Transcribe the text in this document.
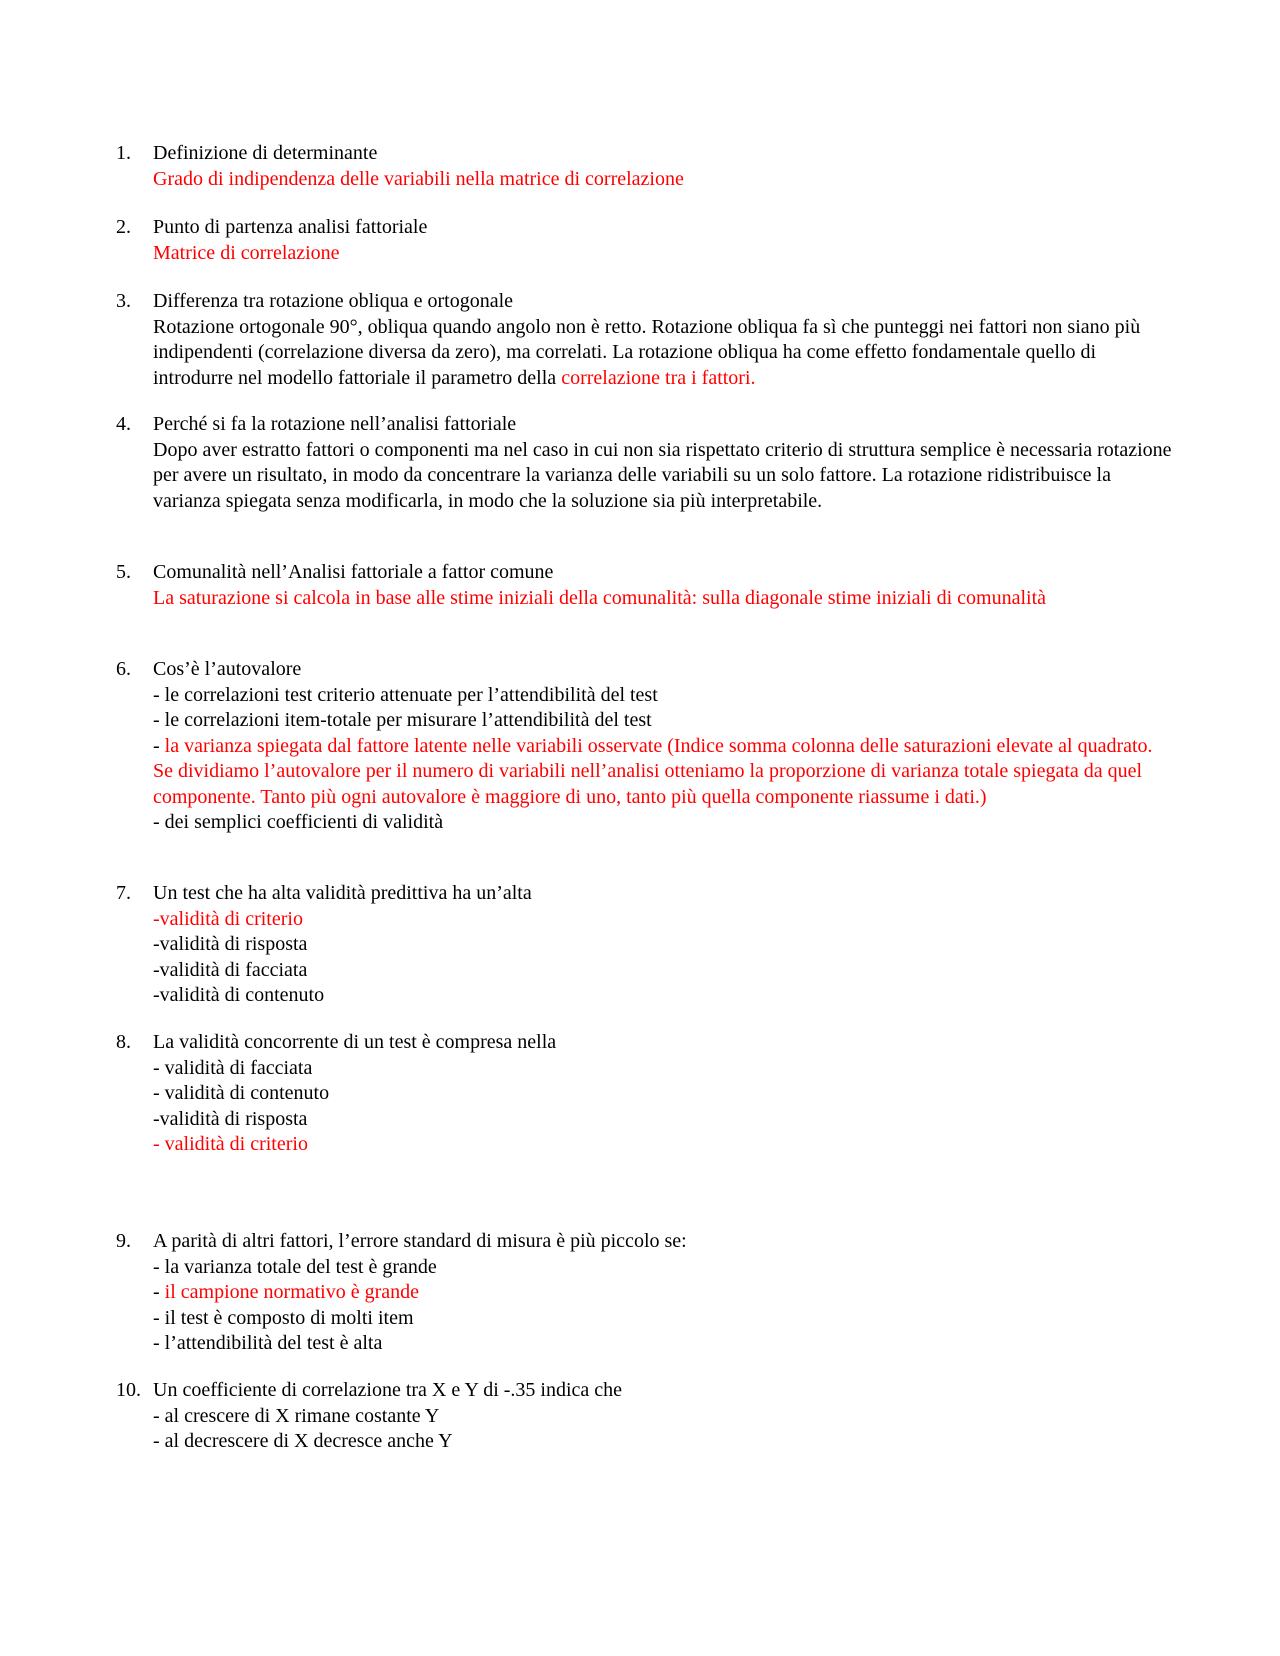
1.	Definizione di determinante
Grado di indipendenza delle variabili nella matrice di correlazione
2.	Punto di partenza analisi fattoriale
Matrice di correlazione
3.	Differenza tra rotazione obliqua e ortogonale
Rotazione ortogonale 90°, obliqua quando angolo non è retto. Rotazione obliqua fa sì che punteggi nei fattori non siano più indipendenti (correlazione diversa da zero), ma correlati. La rotazione obliqua ha come effetto fondamentale quello di introdurre nel modello fattoriale il parametro della correlazione tra i fattori.
4.	Perché si fa la rotazione nell’analisi fattoriale
Dopo aver estratto fattori o componenti ma nel caso in cui non sia rispettato criterio di struttura semplice è necessaria rotazione per avere un risultato, in modo da concentrare la varianza delle variabili su un solo fattore. La rotazione ridistribuisce la varianza spiegata senza modificarla, in modo che la soluzione sia più interpretabile.
5.	Comunalità nell’Analisi fattoriale a fattor comune
La saturazione si calcola in base alle stime iniziali della comunalità: sulla diagonale stime iniziali di comunalità
6.	Cos’è l’autovalore
- le correlazioni test criterio attenuate per l’attendibilità del test
- le correlazioni item-totale per misurare l’attendibilità del test
- la varianza spiegata dal fattore latente nelle variabili osservate (Indice somma colonna delle saturazioni elevate al quadrato. Se dividiamo l’autovalore per il numero di variabili nell’analisi otteniamo la proporzione di varianza totale spiegata da quel componente. Tanto più ogni autovalore è maggiore di uno, tanto più quella componente riassume i dati.)
- dei semplici coefficienti di validità
7.	Un test che ha alta validità predittiva ha un’alta
-validità di criterio
-validità di risposta
-validità di facciata
-validità di contenuto
8.	La validità concorrente di un test è compresa nella
- validità di facciata
- validità di contenuto
-validità di risposta
- validità di criterio
9.	A parità di altri fattori, l’errore standard di misura è più piccolo se:
- la varianza totale del test è grande
- il campione normativo è grande
- il test è composto di molti item
- l’attendibilità del test è alta
10. Un coefficiente di correlazione tra X e Y di -.35 indica che
- al crescere di X rimane costante Y
- al decrescere di X decresce anche Y
